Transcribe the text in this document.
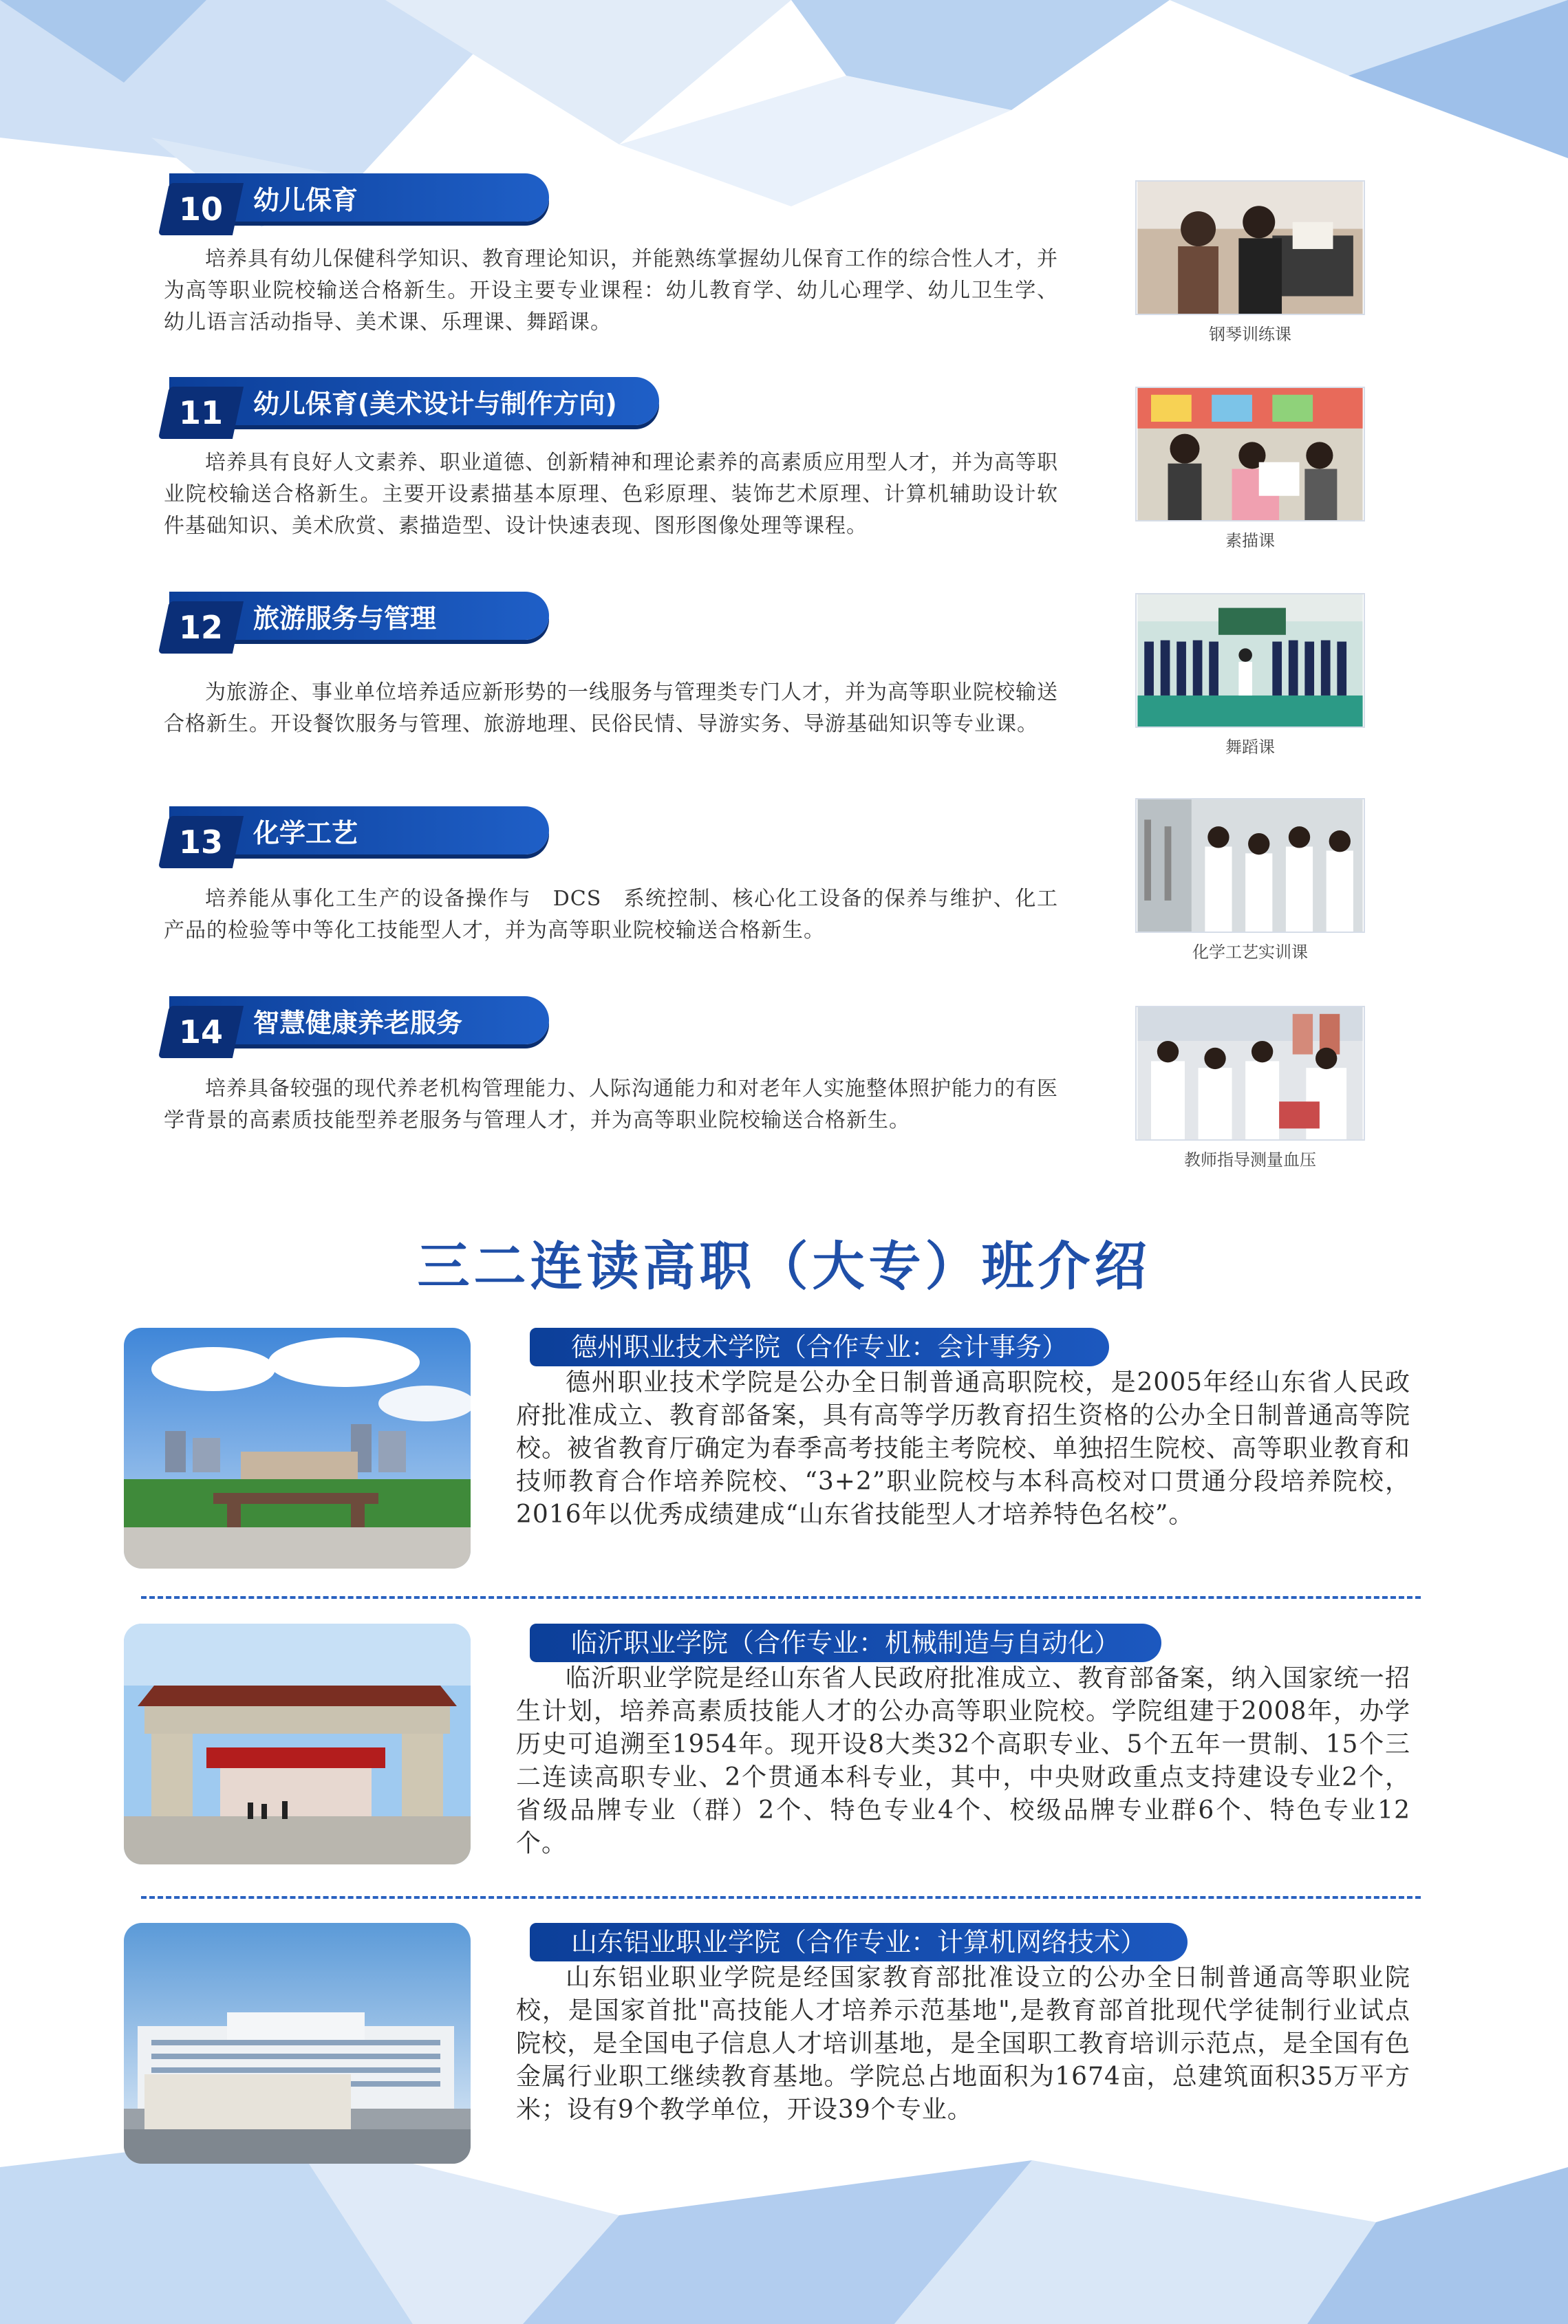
幼儿保育
10

培养具有幼儿保健科学知识、教育理论知识，并能熟练掌握幼儿保育工作的综合性人才，并为高等职业院校输送合格新生。开设主要专业课程：幼儿教育学、幼儿心理学、幼儿卫生学、幼儿语言活动指导、美术课、乐理课、舞蹈课。	钢琴训练课
幼儿保育(美术设计与制作方向)
11

培养具有良好人文素养、职业道德、创新精神和理论素养的高素质应用型人才，并为高等职业院校输送合格新生。主要开设素描基本原理、色彩原理、装饰艺术原理、计算机辅助设计软件基础知识、美术欣赏、素描造型、设计快速表现、图形图像处理等课程。

素描课
旅游服务与管理
12

为旅游企、事业单位培养适应新形势的一线服务与管理类专门人才，并为高等职业院校输送合格新生。开设餐饮服务与管理、旅游地理、民俗民情、导游实务、导游基础知识等专业课。

舞蹈课
化学工艺
13

培养能从事化工生产的设备操作与　DCS　系统控制、核心化工设备的保养与维护、化工产品的检验等中等化工技能型人才，并为高等职业院校输送合格新生。

化学工艺实训课
智慧健康养老服务
14

培养具备较强的现代养老机构管理能力、人际沟通能力和对老年人实施整体照护能力的有医学背景的高素质技能型养老服务与管理人才，并为高等职业院校输送合格新生。

教师指导测量血压
三二连读高职（大专）班介绍
德州职业技术学院（合作专业：会计事务）

德州职业技术学院是公办全日制普通高职院校，是2005年经山东省人民政府批准成立、教育部备案，具有高等学历教育招生资格的公办全日制普通高等院校。被省教育厅确定为春季高考技能主考院校、单独招生院校、高等职业教育和技师教育合作培养院校、“3+2”职业院校与本科高校对口贯通分段培养院校，2016年以优秀成绩建成“山东省技能型人才培养特色名校”。

临沂职业学院（合作专业：机械制造与自动化）

临沂职业学院是经山东省人民政府批准成立、教育部备案，纳入国家统一招生计划，培养高素质技能人才的公办高等职业院校。学院组建于2008年，办学历史可追溯至1954年。现开设8大类32个高职专业、5个五年一贯制、15个三二连读高职专业、2个贯通本科专业，其中，中央财政重点支持建设专业2个，省级品牌专业（群）2个、特色专业4个、校级品牌专业群6个、特色专业12个。

山东铝业职业学院（合作专业：计算机网络技术）

山东铝业职业学院是经国家教育部批准设立的公办全日制普通高等职业院校，是国家首批"高技能人才培养示范基地",是教育部首批现代学徒制行业试点院校，是全国电子信息人才培训基地，是全国职工教育培训示范点，是全国有色金属行业职工继续教育基地。学院总占地面积为1674亩，总建筑面积35万平方米；设有9个教学单位，开设39个专业。
